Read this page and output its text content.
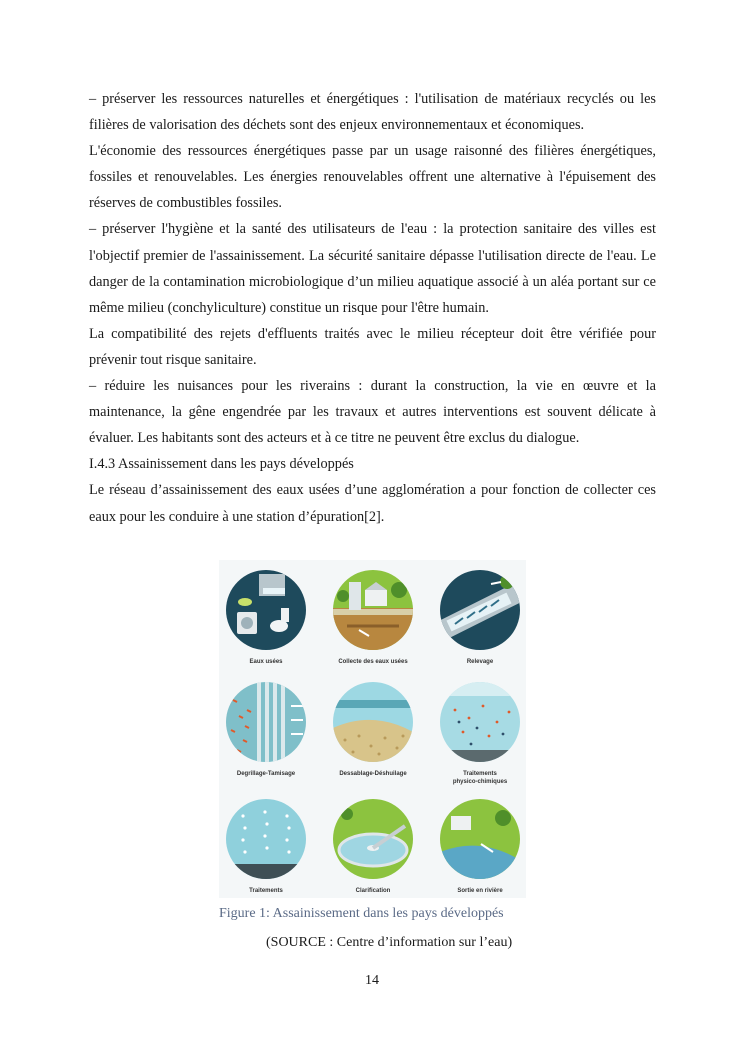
– préserver les ressources naturelles et énergétiques : l'utilisation de matériaux recyclés ou les filières de valorisation des déchets sont des enjeux environnementaux et économiques.

L'économie des ressources énergétiques passe par un usage raisonné des filières énergétiques, fossiles et renouvelables. Les énergies renouvelables offrent une alternative à l'épuisement des réserves de combustibles fossiles.

– préserver l'hygiène et la santé des utilisateurs de l'eau : la protection sanitaire des villes est l'objectif premier de l'assainissement. La sécurité sanitaire dépasse l'utilisation directe de l'eau. Le danger de la contamination microbiologique d’un milieu aquatique associé à un aléa portant sur ce même milieu (conchyliculture) constitue un risque pour l'être humain.

La compatibilité des rejets d'effluents traités avec le milieu récepteur doit être vérifiée pour prévenir tout risque sanitaire.

– réduire les nuisances pour les riverains : durant la construction, la vie en œuvre et la maintenance, la gêne engendrée par les travaux et autres interventions est souvent délicate à évaluer. Les habitants sont des acteurs et à ce titre ne peuvent être exclus du dialogue.

I.4.3 Assainissement dans les pays développés

Le réseau d’assainissement des eaux usées d’une agglomération a pour fonction de collecter ces eaux pour les conduire à une station d’épuration[2].

Eaux usées	Collecte des eaux usées	Relevage
Degrillage-Tamisage	Dessablage-Déshuilage	Traitements
physico-chimiques
Traitements	Clarification	Sortie en rivière
Figure 1: Assainissement dans les pays développés
(SOURCE : Centre d’information sur l’eau)
14
